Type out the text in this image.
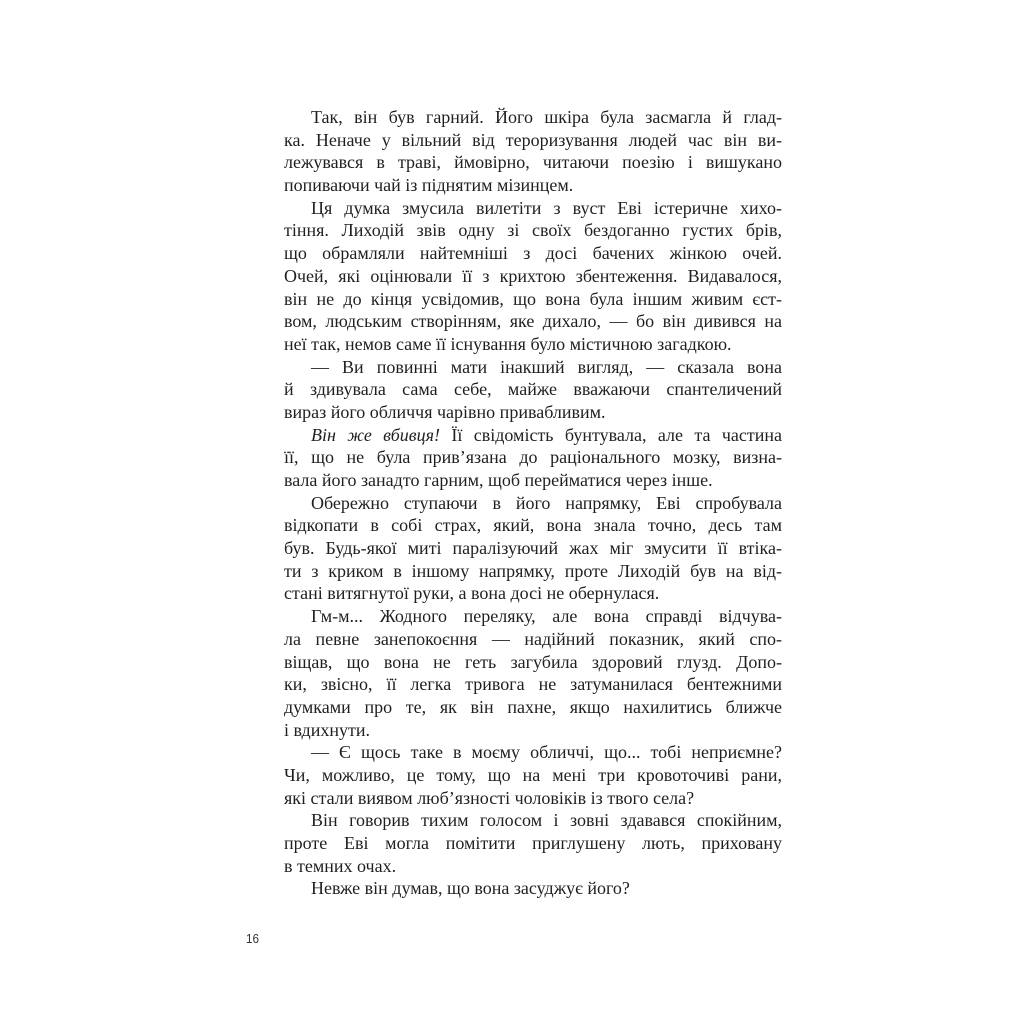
Так, він був гарний. Його шкіра була засмагла й глад-
ка. Неначе у вільний від тероризування людей час він ви-
лежувався в траві, ймовірно, читаючи поезію і вишукано
попиваючи чай із піднятим мізинцем.

Ця думка змусила вилетіти з вуст Еві істеричне хихо-
тіння. Лиходій звів одну зі своїх бездоганно густих брів,
що обрамляли найтемніші з досі бачених жінкою очей.
Очей, які оцінювали її з крихтою збентеження. Видавалося,
він не до кінця усвідомив, що вона була іншим живим єст-
вом, людським створінням, яке дихало, — бо він дивився на
неї так, немов саме її існування було містичною загадкою.

— Ви повинні мати інакший вигляд, — сказала вона
й здивувала сама себе, майже вважаючи спантеличений
вираз його обличчя чарівно привабливим.

Він же вбивця! Її свідомість бунтувала, але та частина
її, що не була прив’язана до раціонального мозку, визна-
вала його занадто гарним, щоб перейматися через інше.

Обережно ступаючи в його напрямку, Еві спробувала
відкопати в собі страх, який, вона знала точно, десь там
був. Будь-якої миті паралізуючий жах міг змусити її втіка-
ти з криком в іншому напрямку, проте Лиходій був на від-
стані витягнутої руки, а вона досі не обернулася.

Гм-м... Жодного переляку, але вона справді відчува-
ла певне занепокоєння — надійний показник, який спо-
віщав, що вона не геть загубила здоровий глузд. Допо-
ки, звісно, її легка тривога не затуманилася бентежними
думками про те, як він пахне, якщо нахилитись ближче
і вдихнути.

— Є щось таке в моєму обличчі, що... тобі неприємне?
Чи, можливо, це тому, що на мені три кровоточиві рани,
які стали виявом люб’язності чоловіків із твого села?

Він говорив тихим голосом і зовні здавався спокійним,
проте Еві могла помітити приглушену лють, приховану
в темних очах.

Невже він думав, що вона засуджує його?

16
